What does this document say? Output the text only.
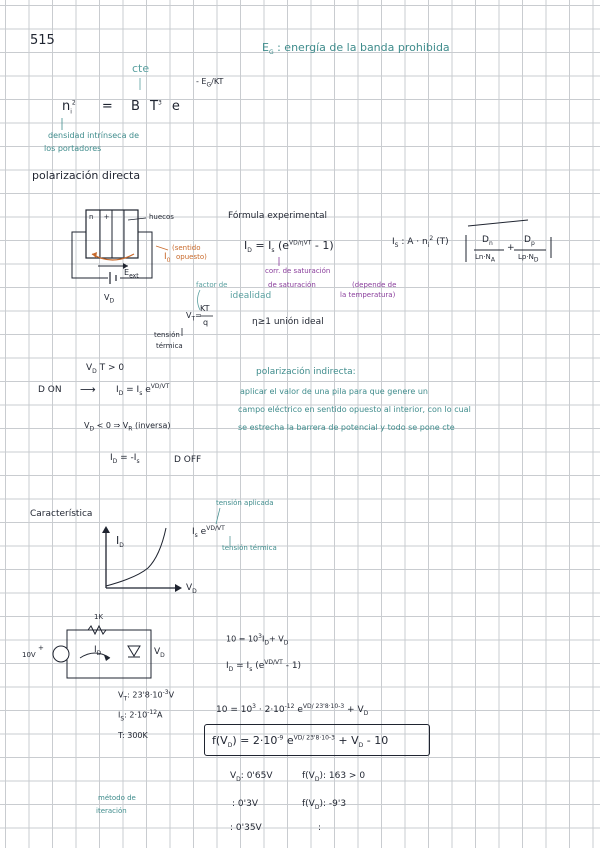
515	$E_G$ : energía de la banda prohibida
cte
$n_i^2 = B$ $T^3$ e
- $E_G/KT$
densidad intrínseca de
los portadores
polarización directa
huecos
(sentido
opuesto)
$I_0$
$E_{ext}$
$V_D$
n +	Fórmula experimental
$I_D = I_s$ $(e^{VD/\eta VT} - 1)$	$I_S$ : $A \cdot n_i^2$ (T)	$D_n$
$Ln\cdot N_A$
+
$D_p$
$Lp\cdot N_D$
factor de
idealidad
corr. de saturación
de saturación	(depende de
la temperatura)
$V_T=$
KT
q
tensión
térmica
η≥1 unión ideal
$V_D$ T > 0
D ON ⟶ $I_D = I_s$ $e^{VD/VT}$
$V_D < 0$ ⇒ $V_R$ (inversa)
$I_D = -I_s$	D OFF
polarización indirecta:
aplicar el valor de una pila para que genere un
campo eléctrico en sentido opuesto al interior, con lo cual
se estrecha la barrera de potencial y todo se pone cte
Característica
tensión aplicada
$I_s$ $e^{VD/VT}$
tensión térmica
$I_D$
$V_D$
1K
10V
+	$I_D$	$V_D$
$V_T$: $23'8\cdot 10^{-3}V$
$I_S$: $2\cdot 10^{-12}A$
T: 300K
$10 = 10^3I_D+ V_D$
$I_D = I_s$ $(e^{VD/VT} - 1)$
$10 = 10^3 \cdot 2\cdot 10^{-12}$ $e^{VD/ 23'8\cdot 10-3} + V_D$
$f(V_D) = 2\cdot 10^{-9}$ $e^{VD/ 23'8\cdot 10-3} + V_D - 10$
método de
iteración
$V_D$: 0'65V	$f(V_D)$: 163 > 0
: 0'3V	$f(V_D)$: -9'3
: 0'35V	:
